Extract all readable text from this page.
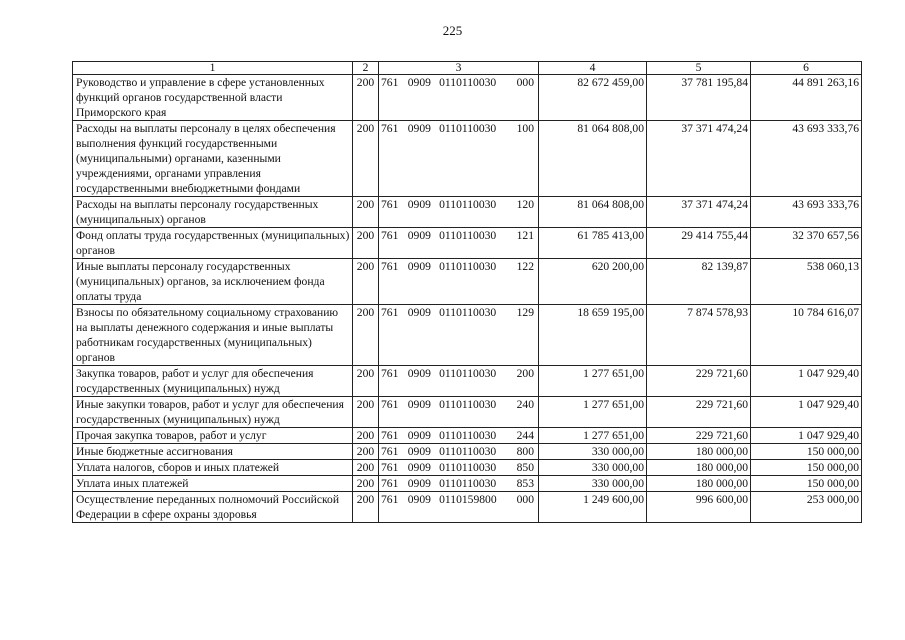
225
1	2	3	4	5	6
Руководство и управление в сфере установленных функций органов государственной власти Приморского края	200	761 0909 0110110030 000	82 672 459,00	37 781 195,84	44 891 263,16
Расходы на выплаты персоналу в целях обеспечения выполнения функций государственными (муниципальными) органами, казенными учреждениями, органами управления государственными внебюджетными фондами	200	761 0909 0110110030 100	81 064 808,00	37 371 474,24	43 693 333,76
Расходы на выплаты персоналу государственных (муниципальных) органов	200	761 0909 0110110030 120	81 064 808,00	37 371 474,24	43 693 333,76
Фонд оплаты труда государственных (муниципальных) органов	200	761 0909 0110110030 121	61 785 413,00	29 414 755,44	32 370 657,56
Иные выплаты персоналу государственных (муниципальных) органов, за исключением фонда оплаты труда	200	761 0909 0110110030 122	620 200,00	82 139,87	538 060,13
Взносы по обязательному социальному страхованию на выплаты денежного содержания и иные выплаты работникам государственных (муниципальных) органов	200	761 0909 0110110030 129	18 659 195,00	7 874 578,93	10 784 616,07
Закупка товаров, работ и услуг для обеспечения государственных (муниципальных) нужд	200	761 0909 0110110030 200	1 277 651,00	229 721,60	1 047 929,40
Иные закупки товаров, работ и услуг для обеспечения государственных (муниципальных) нужд	200	761 0909 0110110030 240	1 277 651,00	229 721,60	1 047 929,40
Прочая закупка товаров, работ и услуг	200	761 0909 0110110030 244	1 277 651,00	229 721,60	1 047 929,40
Иные бюджетные ассигнования	200	761 0909 0110110030 800	330 000,00	180 000,00	150 000,00
Уплата налогов, сборов и иных платежей	200	761 0909 0110110030 850	330 000,00	180 000,00	150 000,00
Уплата иных платежей	200	761 0909 0110110030 853	330 000,00	180 000,00	150 000,00
Осуществление переданных полномочий Российской Федерации в сфере охраны здоровья	200	761 0909 0110159800 000	1 249 600,00	996 600,00	253 000,00
